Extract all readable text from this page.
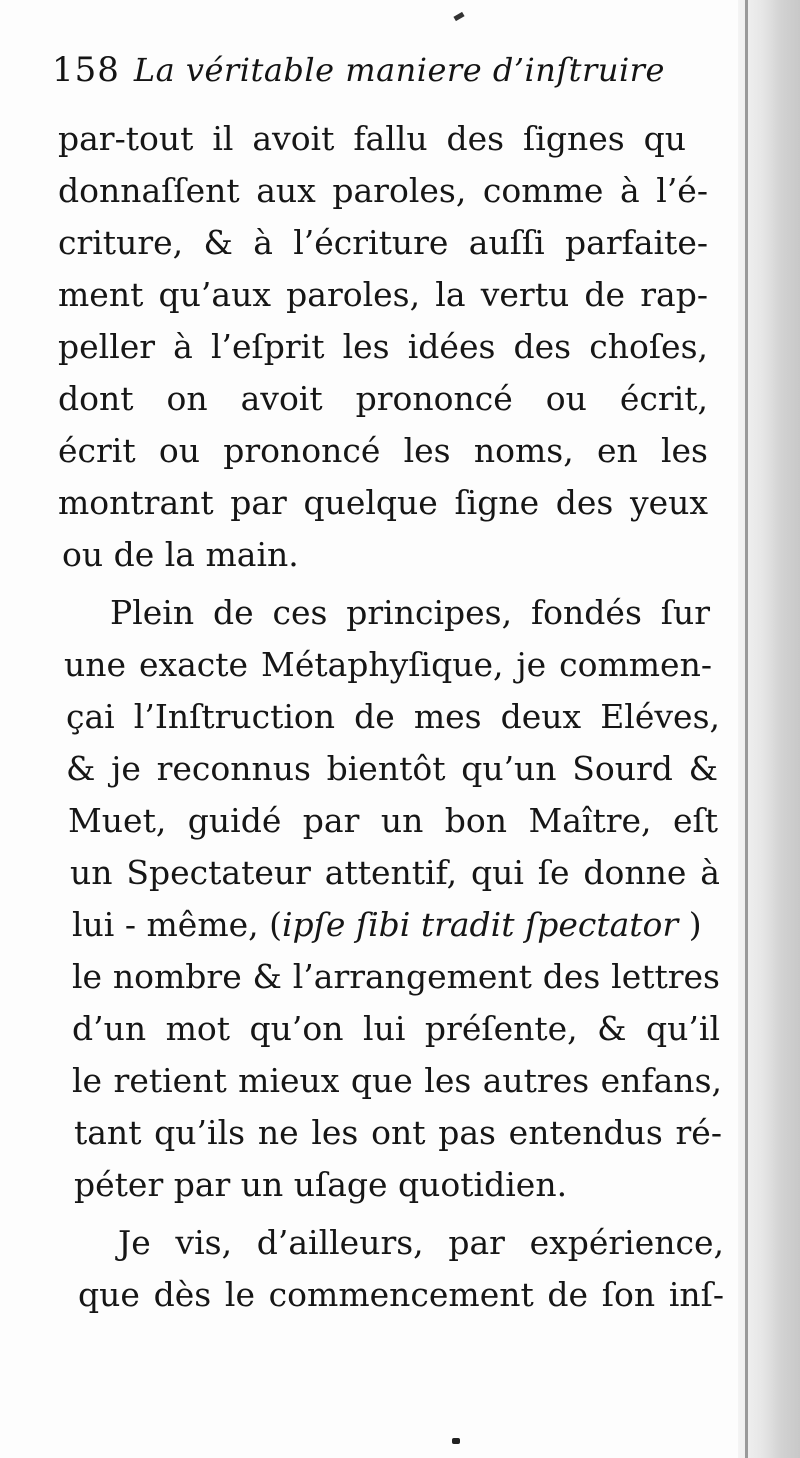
158 La véritable maniere d’inſtruire
par-tout il avoit fallu des ſignes qu
donnaſſent aux paroles, comme à l’é-
criture, & à l’écriture auſſi parfaite-
ment qu’aux paroles, la vertu de rap-
peller à l’eſprit les idées des choſes,
dont on avoit prononcé ou écrit,
écrit ou prononcé les noms, en les
montrant par quelque ſigne des yeux
ou de la main.
Plein de ces principes, fondés ſur
une exacte Métaphyſique, je commen-
çai l’Inſtruction de mes deux Eléves,
& je reconnus bientôt qu’un Sourd &
Muet, guidé par un bon Maître, eſt
un Spectateur attentif, qui ſe donne à
lui - même, (ipſe ſibi tradit ſpectator )
le nombre & l’arrangement des lettres
d’un mot qu’on lui préſente, & qu’il
le retient mieux que les autres enfans,
tant qu’ils ne les ont pas entendus ré-
péter par un uſage quotidien.
Je vis, d’ailleurs, par expérience,
que dès le commencement de ſon inſ-
